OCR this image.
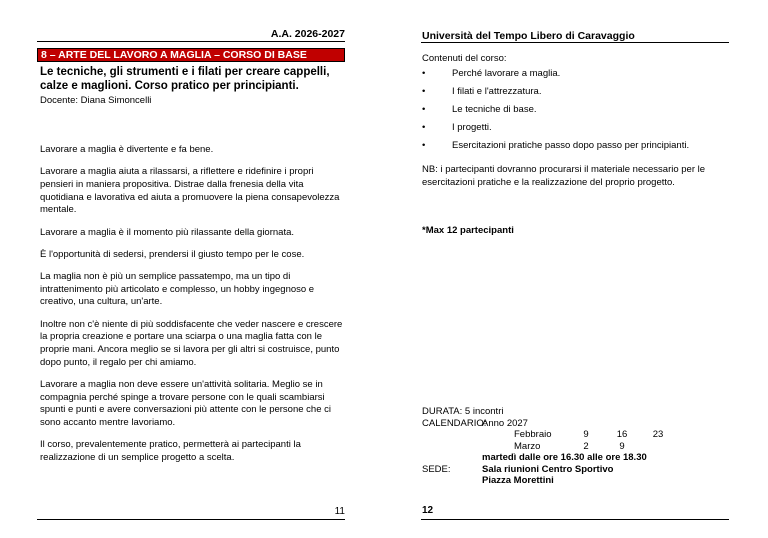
A.A. 2026-2027
8 – ARTE DEL LAVORO A MAGLIA – CORSO DI BASE
Le tecniche, gli strumenti e i filati per creare cappelli, calze e maglioni. Corso pratico per principianti.
Docente: Diana Simoncelli

Lavorare a maglia è divertente e fa bene.

Lavorare a maglia aiuta a rilassarsi, a riflettere e ridefinire i propri pensieri in maniera propositiva. Distrae dalla frenesia della vita quotidiana e lavorativa ed aiuta a promuovere la piena consapevolezza mentale.

Lavorare a maglia è il momento più rilassante della giornata.

È l'opportunità di sedersi, prendersi il giusto tempo per le cose.

La maglia non è più un semplice passatempo, ma un tipo di intrattenimento più articolato e complesso, un hobby ingegnoso e creativo, una cultura, un'arte.

Inoltre non c'è niente di più soddisfacente che veder nascere e crescere la propria creazione e portare una sciarpa o una maglia fatta con le proprie mani. Ancora meglio se si lavora per gli altri si costruisce, punto dopo punto, il regalo per chi amiamo.

Lavorare a maglia non deve essere un'attività solitaria. Meglio se in compagnia perché spinge a trovare persone con le quali scambiarsi spunti e punti e avere conversazioni più attente con le persone che ci sono accanto mentre lavoriamo.

Il corso, prevalentemente pratico, permetterà ai partecipanti la realizzazione di un semplice progetto a scelta.

11
Università del Tempo Libero di Caravaggio
Contenuti del corso:
•	Perché lavorare a maglia.
•	I filati e l'attrezzatura.
•	Le tecniche di base.
•	I progetti.
•	Esercitazioni pratiche passo dopo passo per principianti.
NB: i partecipanti dovranno procurarsi il materiale necessario per le esercitazioni pratiche e la realizzazione del proprio progetto.
*Max 12 partecipanti
DURATA: 5 incontri
CALENDARIO:
Anno 2027
Febbraio	9	16	23
Marzo	2	9
martedì dalle ore 16.30 alle ore 18.30
SEDE:	Sala riunioni Centro Sportivo
Piazza Morettini
12
